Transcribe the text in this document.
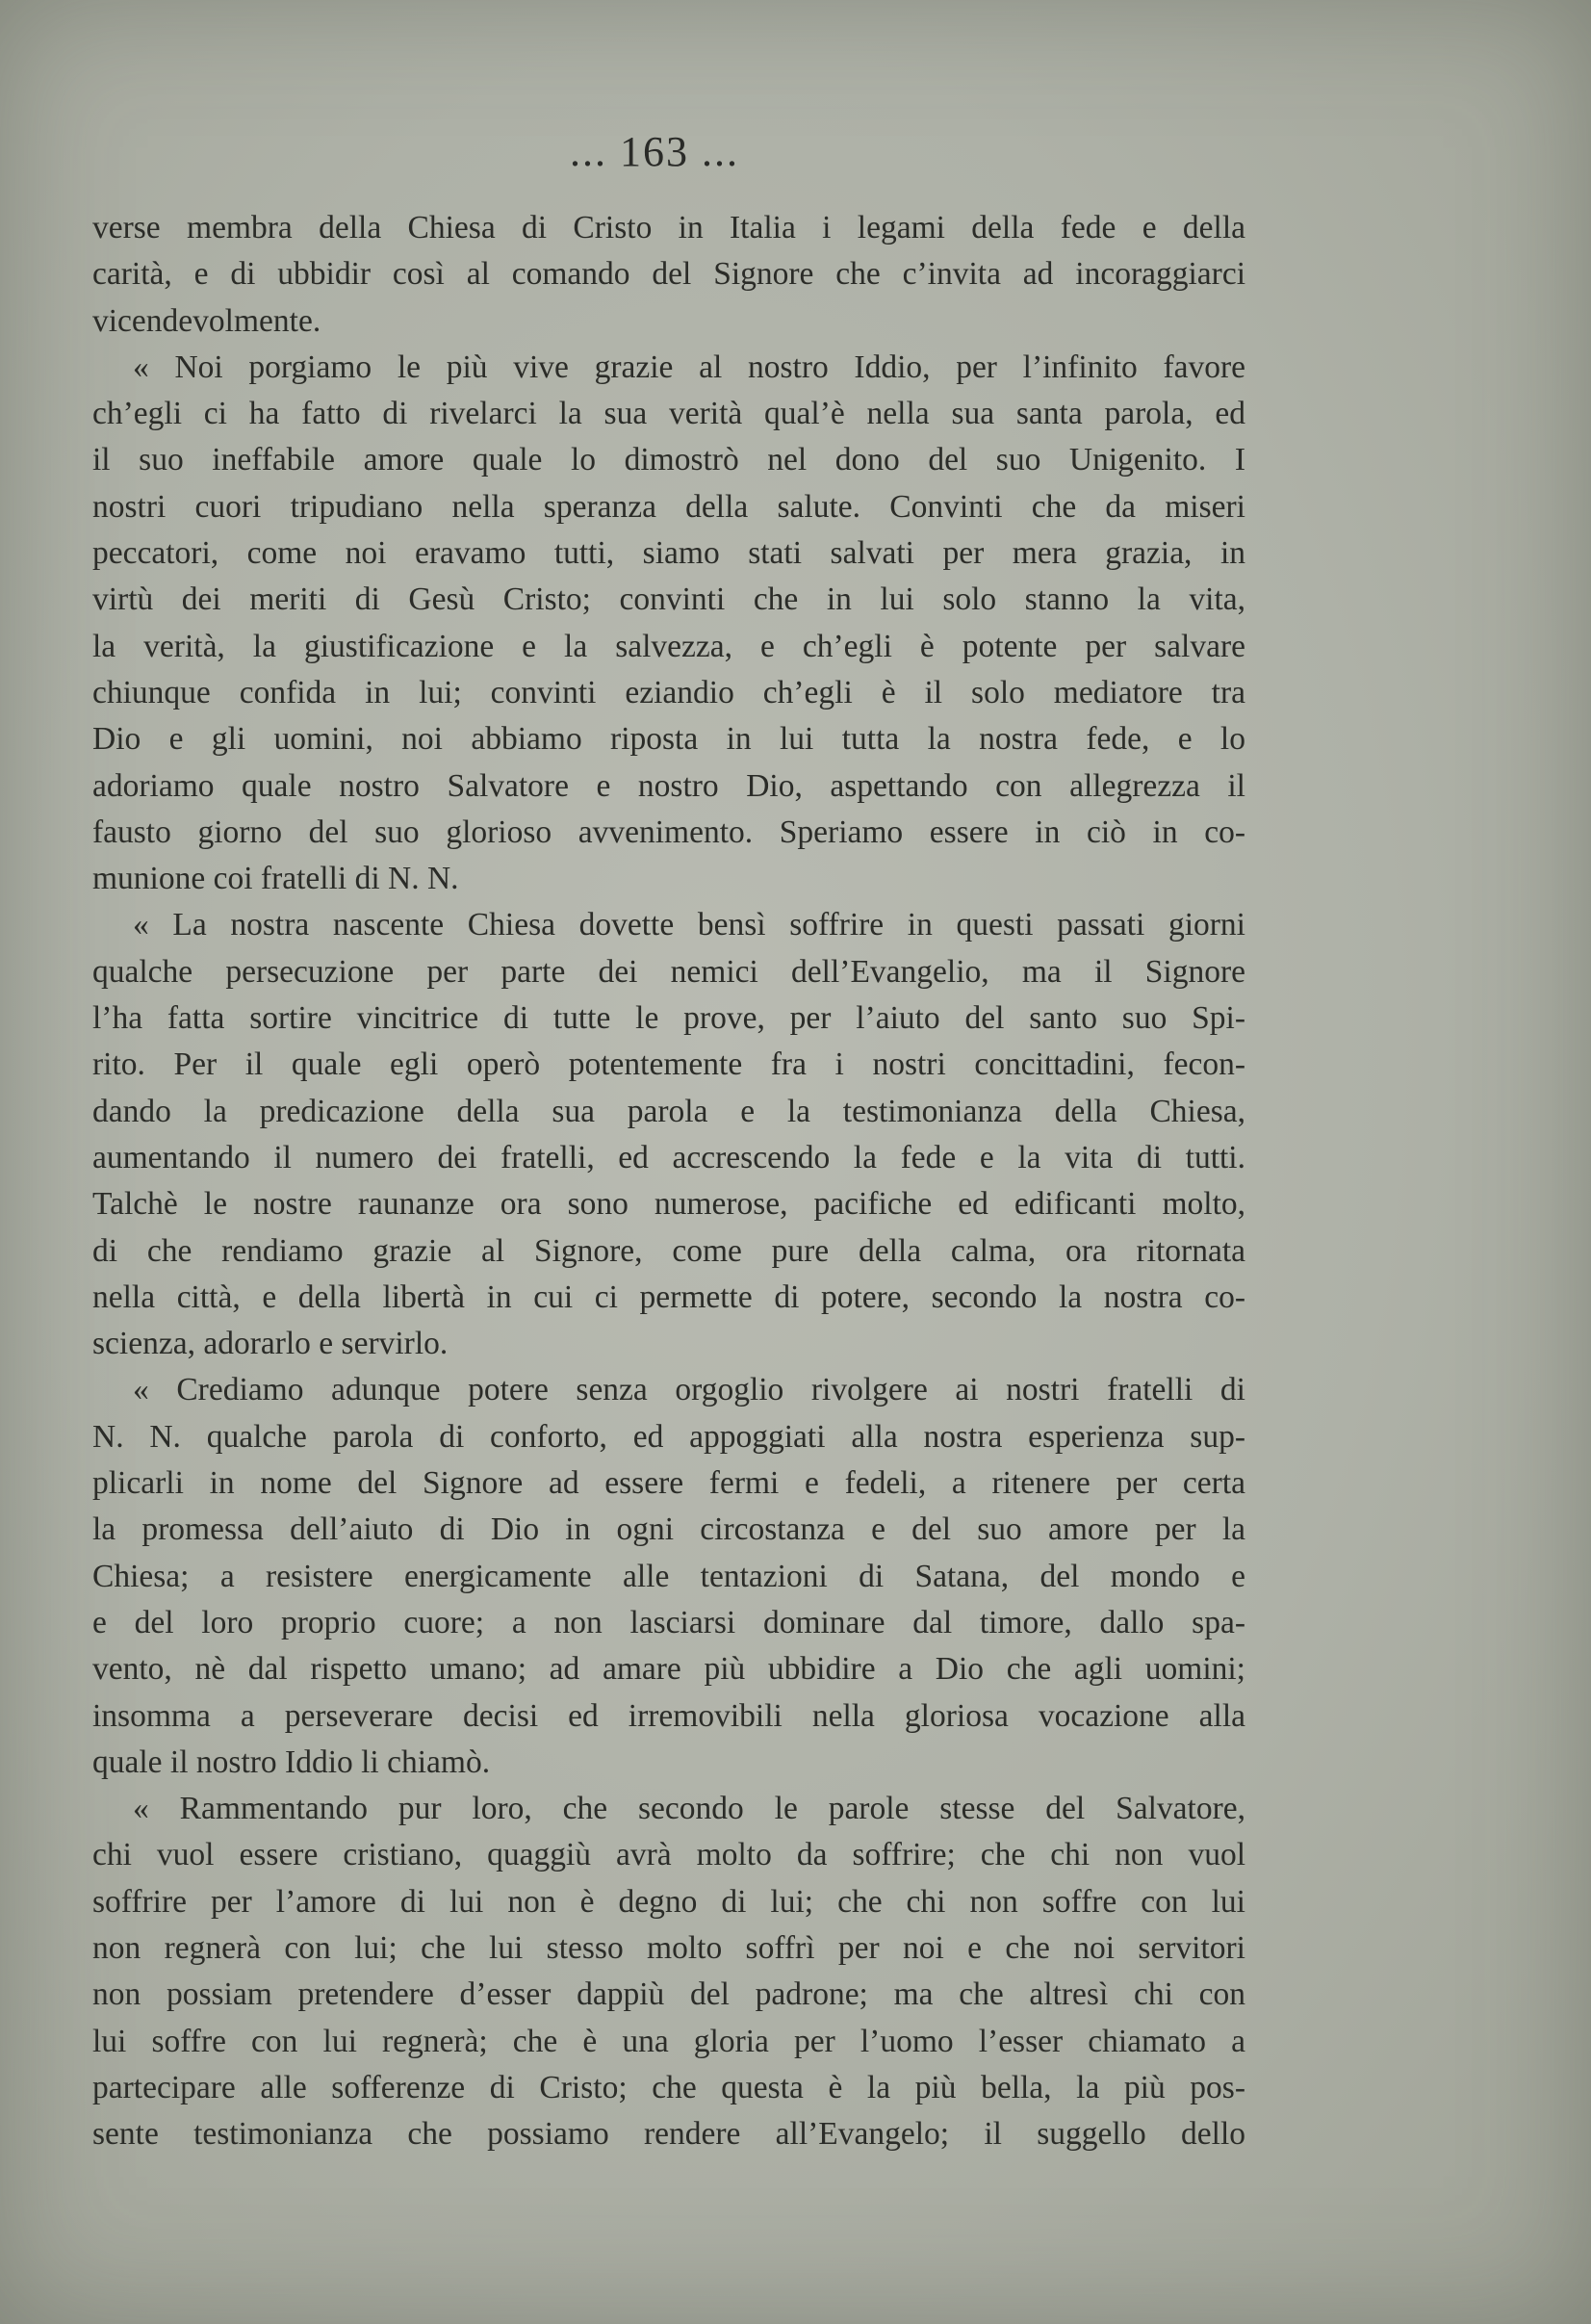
... 163 ...
verse membra della Chiesa di Cristo in Italia i legami della fede e della
carità, e di ubbidir così al comando del Signore che c’invita ad incoraggiarci
vicendevolmente.
« Noi porgiamo le più vive grazie al nostro Iddio, per l’infinito favore
ch’egli ci ha fatto di rivelarci la sua verità qual’è nella sua santa parola, ed
il suo ineffabile amore quale lo dimostrò nel dono del suo Unigenito. I
nostri cuori tripudiano nella speranza della salute. Convinti che da miseri
peccatori, come noi eravamo tutti, siamo stati salvati per mera grazia, in
virtù dei meriti di Gesù Cristo; convinti che in lui solo stanno la vita,
la verità, la giustificazione e la salvezza, e ch’egli è potente per salvare
chiunque confida in lui; convinti eziandio ch’egli è il solo mediatore tra
Dio e gli uomini, noi abbiamo riposta in lui tutta la nostra fede, e lo
adoriamo quale nostro Salvatore e nostro Dio, aspettando con allegrezza il
fausto giorno del suo glorioso avvenimento. Speriamo essere in ciò in co-
munione coi fratelli di N. N.
« La nostra nascente Chiesa dovette bensì soffrire in questi passati giorni
qualche persecuzione per parte dei nemici dell’Evangelio, ma il Signore
l’ha fatta sortire vincitrice di tutte le prove, per l’aiuto del santo suo Spi-
rito. Per il quale egli operò potentemente fra i nostri concittadini, fecon-
dando la predicazione della sua parola e la testimonianza della Chiesa,
aumentando il numero dei fratelli, ed accrescendo la fede e la vita di tutti.
Talchè le nostre raunanze ora sono numerose, pacifiche ed edificanti molto,
di che rendiamo grazie al Signore, come pure della calma, ora ritornata
nella città, e della libertà in cui ci permette di potere, secondo la nostra co-
scienza, adorarlo e servirlo.
« Crediamo adunque potere senza orgoglio rivolgere ai nostri fratelli di
N. N. qualche parola di conforto, ed appoggiati alla nostra esperienza sup-
plicarli in nome del Signore ad essere fermi e fedeli, a ritenere per certa
la promessa dell’aiuto di Dio in ogni circostanza e del suo amore per la
Chiesa; a resistere energicamente alle tentazioni di Satana, del mondo e
e del loro proprio cuore; a non lasciarsi dominare dal timore, dallo spa-
vento, nè dal rispetto umano; ad amare più ubbidire a Dio che agli uomini;
insomma a perseverare decisi ed irremovibili nella gloriosa vocazione alla
quale il nostro Iddio li chiamò.
« Rammentando pur loro, che secondo le parole stesse del Salvatore,
chi vuol essere cristiano, quaggiù avrà molto da soffrire; che chi non vuol
soffrire per l’amore di lui non è degno di lui; che chi non soffre con lui
non regnerà con lui; che lui stesso molto soffrì per noi e che noi servitori
non possiam pretendere d’esser dappiù del padrone; ma che altresì chi con
lui soffre con lui regnerà; che è una gloria per l’uomo l’esser chiamato a
partecipare alle sofferenze di Cristo; che questa è la più bella, la più pos-
sente testimonianza che possiamo rendere all’Evangelo; il suggello dello
